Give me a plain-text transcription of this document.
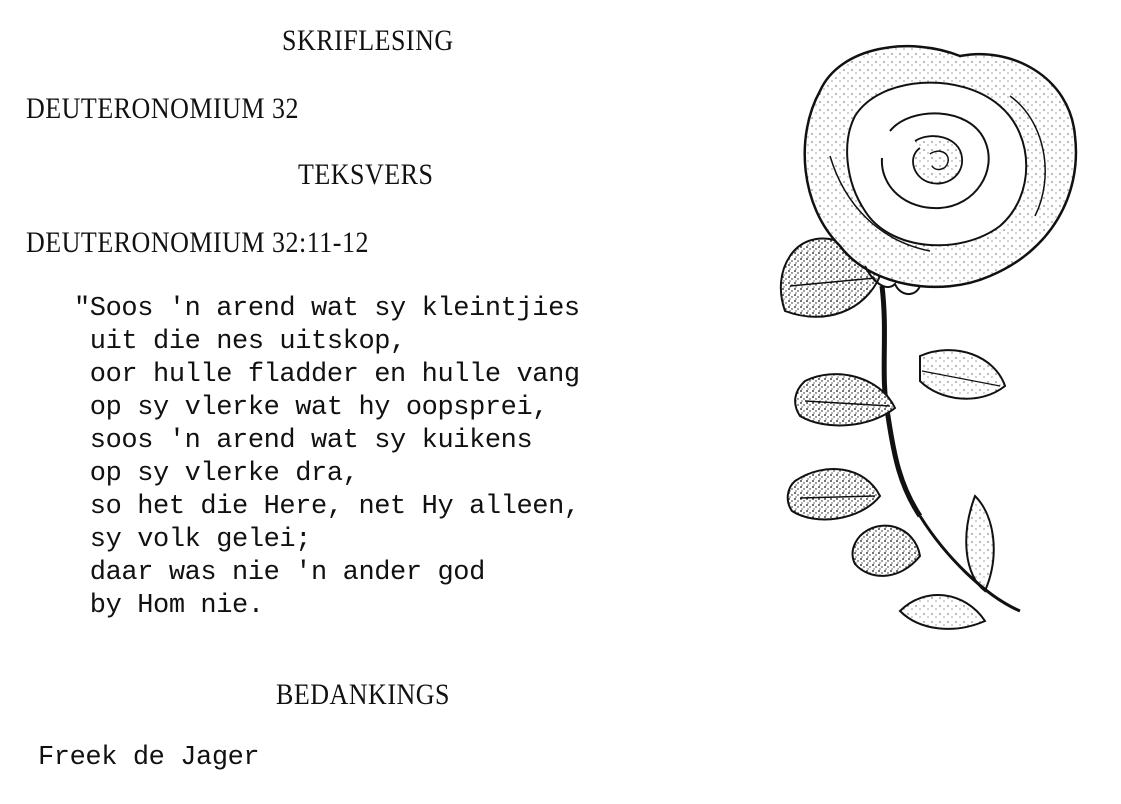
SKRIFLESING
DEUTERONOMIUM 32
TEKSVERS
DEUTERONOMIUM 32:11-12
"Soos 'n arend wat sy kleintjies
uit die nes uitskop,
oor hulle fladder en hulle vang
op sy vlerke wat hy oopsprei,
soos 'n arend wat sy kuikens
op sy vlerke dra,
so het die Here, net Hy alleen,
sy volk gelei;
daar was nie 'n ander god
by Hom nie.
BEDANKINGS
Freek de Jager
